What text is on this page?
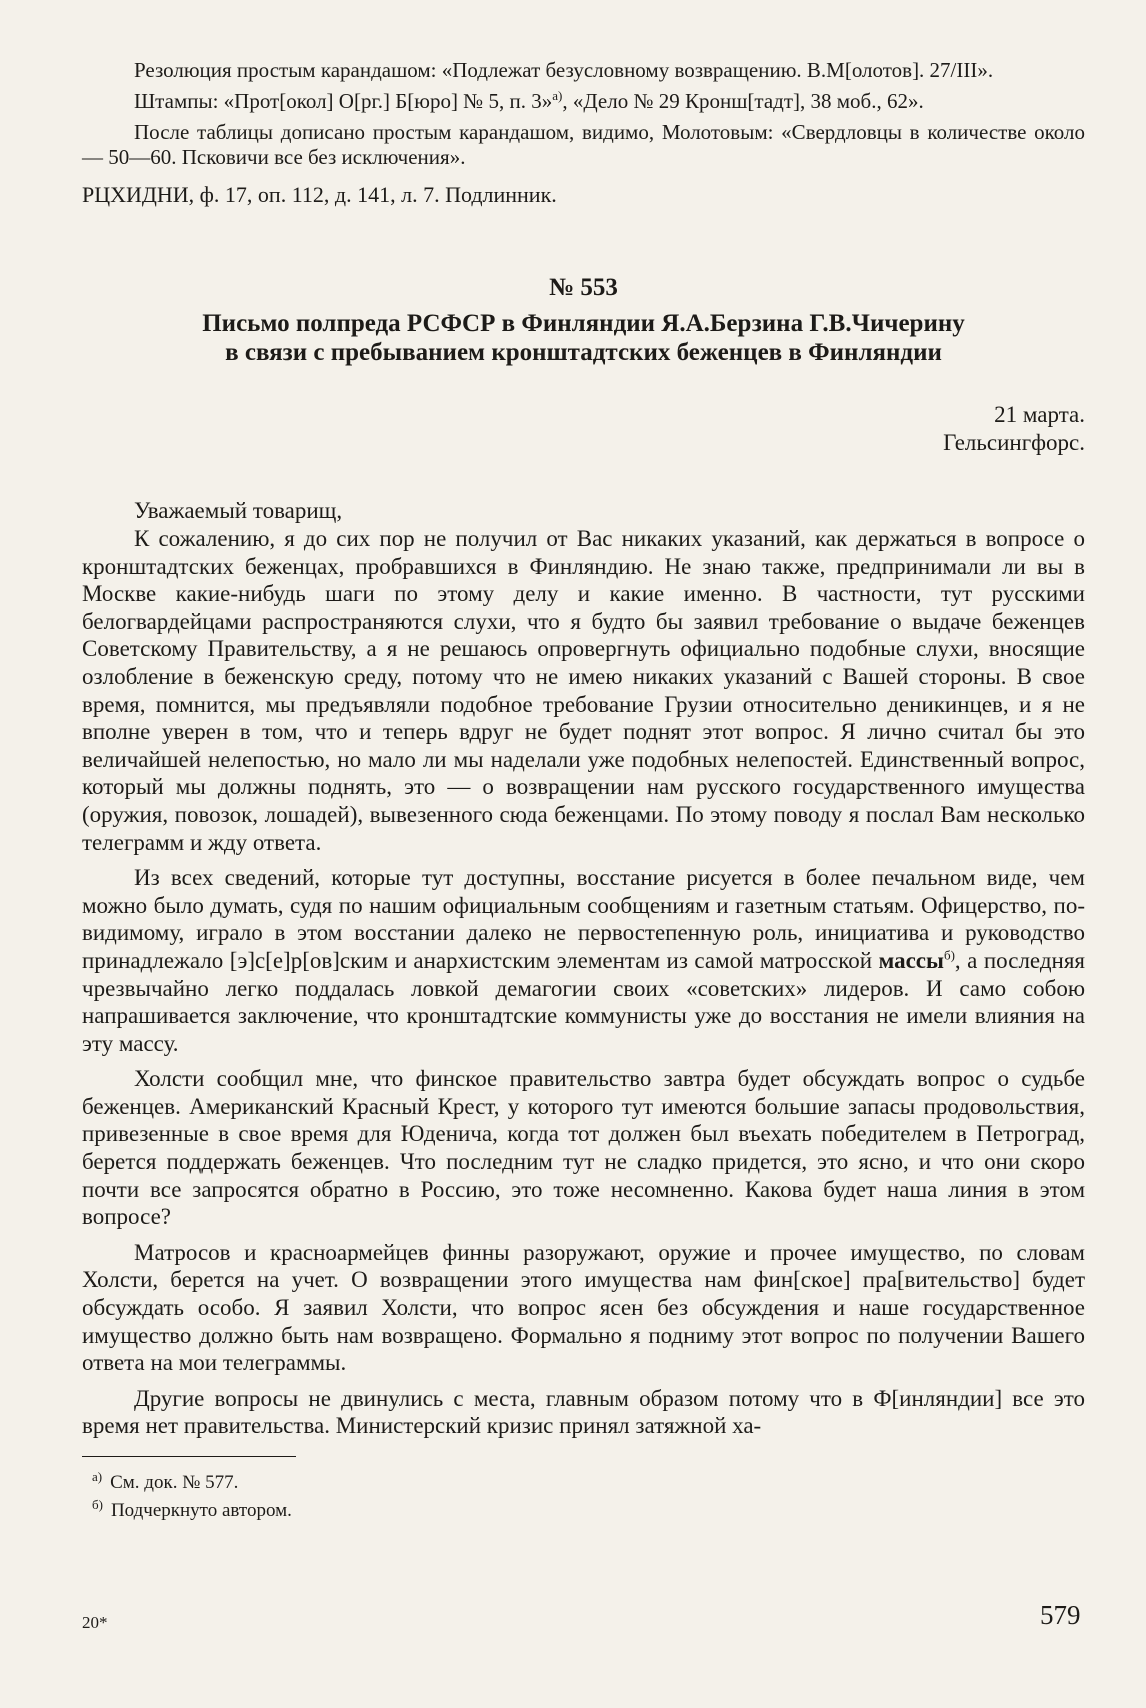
Резолюция простым карандашом: «Подлежат безусловному возвращению. В.М[олотов]. 27/III».

Штампы: «Прот[окол] О[рг.] Б[юро] № 5, п. 3»$^{а)}$, «Дело № 29 Кронш[тадт], 38 моб., 62».

После таблицы дописано простым карандашом, видимо, Молотовым: «Свердловцы в количестве около — 50—60. Псковичи все без исключения».

РЦХИДНИ, ф. 17, оп. 112, д. 141, л. 7. Подлинник.

№ 553
Письмо полпреда РСФСР в Финляндии Я.А.Берзина Г.В.Чичерину
в связи с пребыванием кронштадтских беженцев в Финляндии
21 марта.
Гельсингфорс.
Уважаемый товарищ,

К сожалению, я до сих пор не получил от Вас никаких указаний, как держаться в вопросе о кронштадтских беженцах, пробравшихся в Финляндию. Не знаю также, предпринимали ли вы в Москве какие-нибудь шаги по этому делу и какие именно. В частности, тут русскими белогвардейцами распространяются слухи, что я будто бы заявил требование о выдаче беженцев Советскому Правительству, а я не решаюсь опровергнуть официально подобные слухи, вносящие озлобление в беженскую среду, потому что не имею никаких указаний с Вашей стороны. В свое время, помнится, мы предъявляли подобное требование Грузии относительно деникинцев, и я не вполне уверен в том, что и теперь вдруг не будет поднят этот вопрос. Я лично считал бы это величайшей нелепостью, но мало ли мы наделали уже подобных нелепостей. Единственный вопрос, который мы должны поднять, это — о возвращении нам русского государственного имущества (оружия, повозок, лошадей), вывезенного сюда беженцами. По этому поводу я послал Вам несколько телеграмм и жду ответа.

Из всех сведений, которые тут доступны, восстание рисуется в более печальном виде, чем можно было думать, судя по нашим официальным сообщениям и газетным статьям. Офицерство, по-видимому, играло в этом восстании далеко не первостепенную роль, инициатива и руководство принадлежало [э]с[е]р[ов]ским и анархистским элементам из самой матросской массы$^{б)}$, а последняя чрезвычайно легко поддалась ловкой демагогии своих «советских» лидеров. И само собою напрашивается заключение, что кронштадтские коммунисты уже до восстания не имели влияния на эту массу.

Холсти сообщил мне, что финское правительство завтра будет обсуждать вопрос о судьбе беженцев. Американский Красный Крест, у которого тут имеются большие запасы продовольствия, привезенные в свое время для Юденича, когда тот должен был въехать победителем в Петроград, берется поддержать беженцев. Что последним тут не сладко придется, это ясно, и что они скоро почти все запросятся обратно в Россию, это тоже несомненно. Какова будет наша линия в этом вопросе?

Матросов и красноармейцев финны разоружают, оружие и прочее имущество, по словам Холсти, берется на учет. О возвращении этого имущества нам фин[ское] пра[вительство] будет обсуждать особо. Я заявил Холсти, что вопрос ясен без обсуждения и наше государственное имущество должно быть нам возвращено. Формально я подниму этот вопрос по получении Вашего ответа на мои телеграммы.

Другие вопросы не двинулись с места, главным образом потому что в Ф[инляндии] все это время нет правительства. Министерский кризис принял затяжной ха-

$^{а)}$ См. док. № 577.
$^{б)}$ Подчеркнуто автором.
20*	579
